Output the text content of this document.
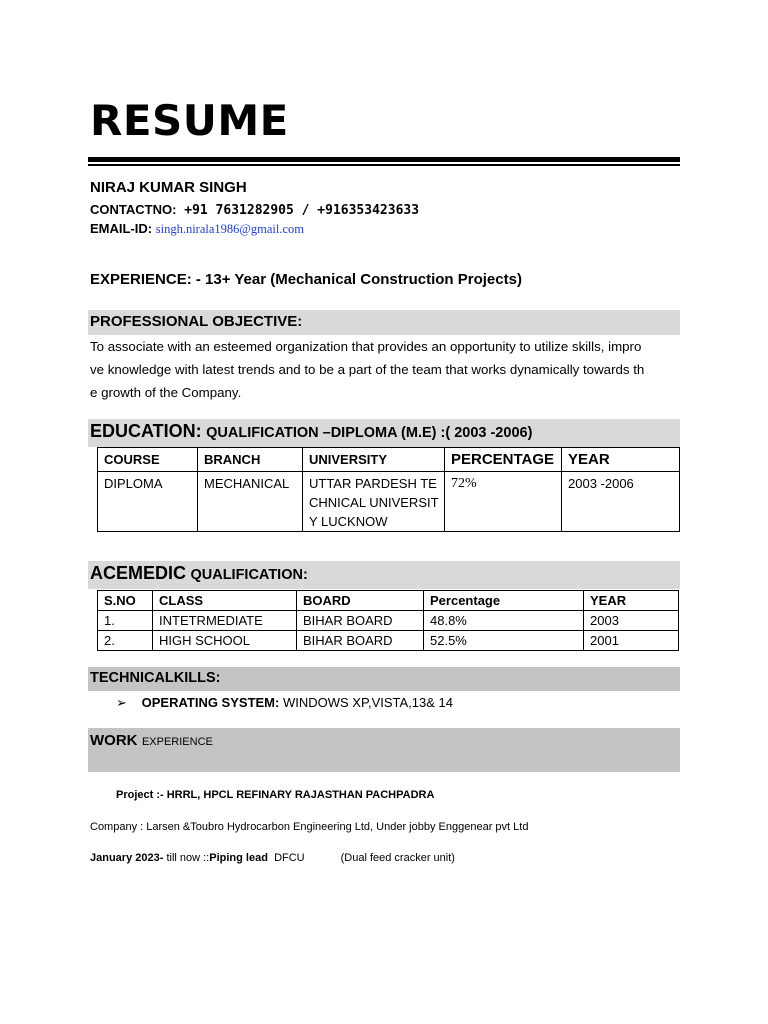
RESUME
NIRAJ KUMAR SINGH
CONTACTNO: +91 7631282905 / +916353423633
EMAIL-ID: singh.nirala1986@gmail.com
EXPERIENCE: - 13+ Year (Mechanical Construction Projects)
PROFESSIONAL OBJECTIVE:
To associate with an esteemed organization that provides an opportunity to utilize skills, impro
ve knowledge with latest trends and to be a part of the team that works dynamically towards th
e growth of the Company.
EDUCATION: QUALIFICATION –DIPLOMA (M.E) :( 2003 -2006)
COURSE	BRANCH	UNIVERSITY	PERCENTAGE	YEAR
DIPLOMA	MECHANICAL	UTTAR PARDESH TE
CHNICAL UNIVERSIT
Y LUCKNOW	72%	2003 -2006
ACEMEDIC QUALIFICATION:
S.NO	CLASS	BOARD	Percentage	YEAR
1.	INTETRMEDIATE	BIHAR BOARD	48.8%	2003
2.	HIGH SCHOOL	BIHAR BOARD	52.5%	2001
TECHNICALKILLS:
➢ OPERATING SYSTEM: WINDOWS XP,VISTA,13& 14
WORK EXPERIENCE
Project :- HRRL, HPCL REFINARY RAJASTHAN PACHPADRA
Company : Larsen &Toubro Hydrocarbon Engineering Ltd, Under jobby Enggenear pvt Ltd
January 2023- till now ::Piping lead DFCU	(Dual feed cracker unit)
